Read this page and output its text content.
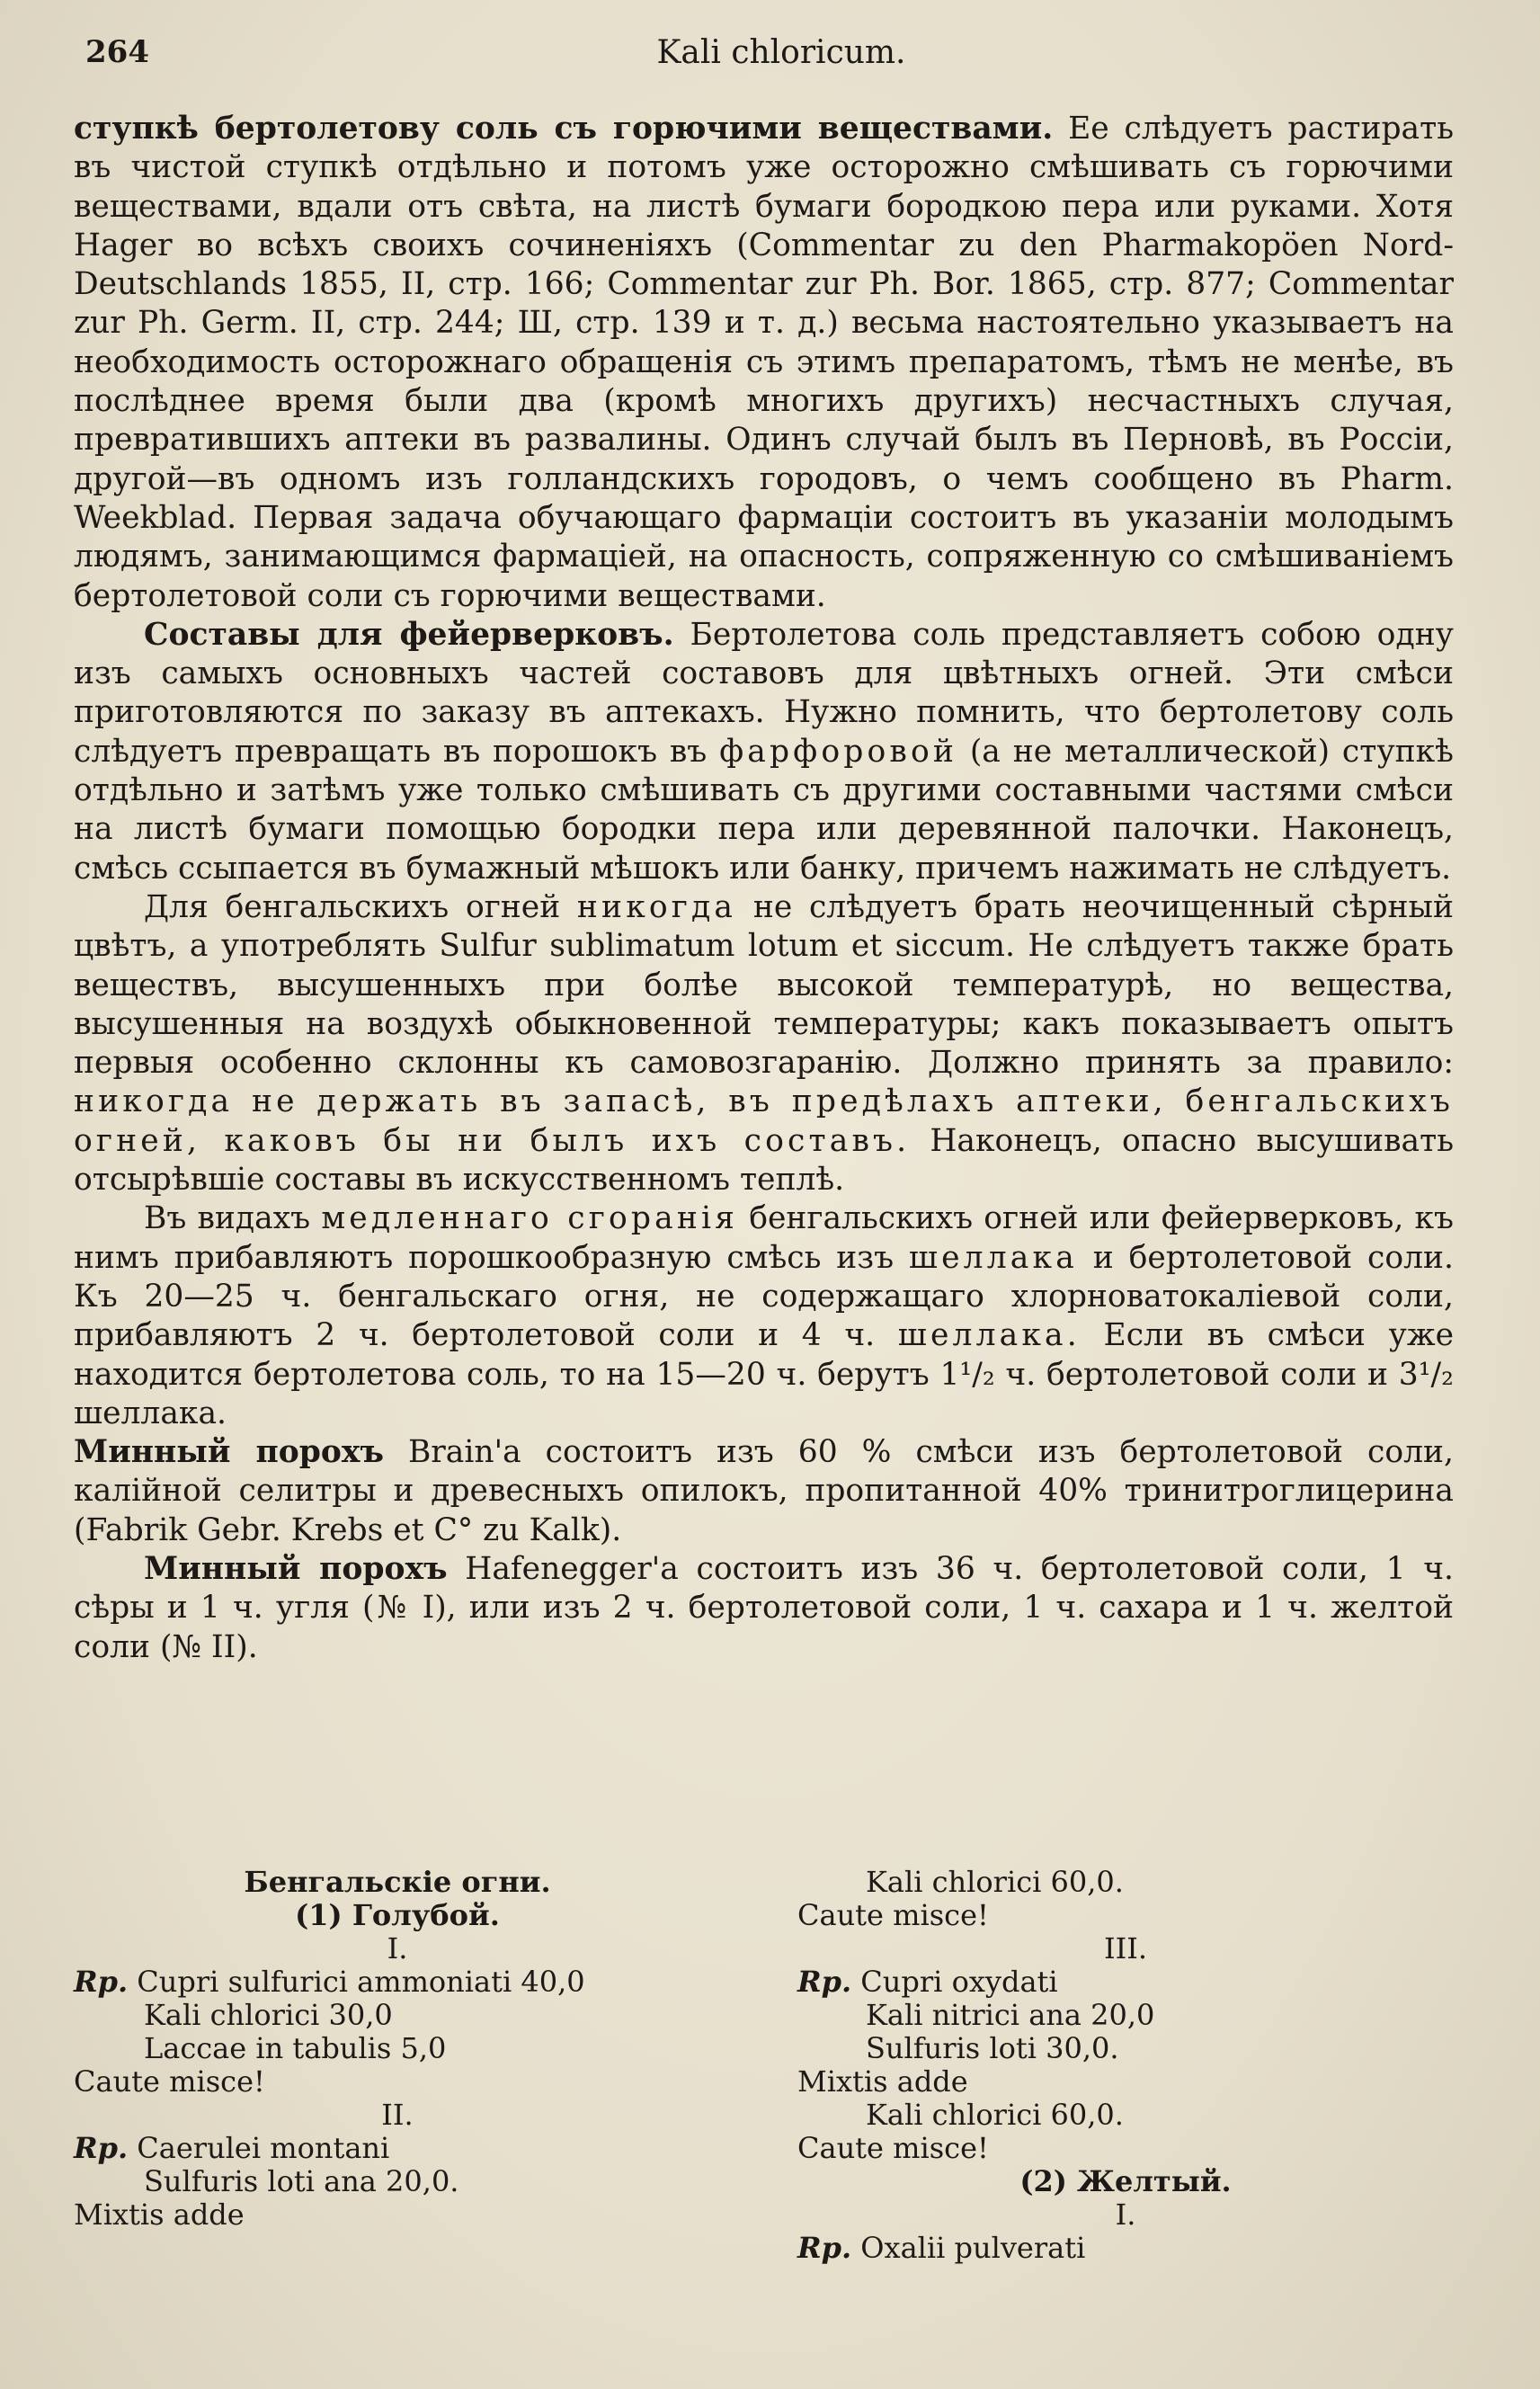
264	Kali chloricum.

ступкѣ бертолетову соль съ горючими веществами. Ее слѣдуетъ растирать въ чистой ступкѣ отдѣльно и потомъ уже осторожно смѣшивать съ горючими веществами, вдали отъ свѣта, на листѣ бумаги бородкою пера или руками. Хотя Hager во всѣхъ своихъ сочиненіяхъ (Commentar zu den Pharmakopöen Nord-Deutschlands 1855, II, стр. 166; Commentar zur Ph. Bor. 1865, стр. 877; Commentar zur Ph. Germ. II, стр. 244; Ш, стр. 139 и т. д.) весьма настоятельно указываетъ на необходимость осторожнаго обращенія съ этимъ препаратомъ, тѣмъ не менѣе, въ послѣднее время были два (кромѣ многихъ другихъ) несчастныхъ случая, превратившихъ аптеки въ развалины. Одинъ случай былъ въ Перновѣ, въ Россіи, другой—въ одномъ изъ голландскихъ городовъ, о чемъ сообщено въ Pharm. Weekblad. Первая задача обучающаго фармаціи состоитъ въ указаніи молодымъ людямъ, занимающимся фармаціей, на опасность, сопряженную со смѣшиваніемъ бертолетовой соли съ горючими веществами.

Составы для фейерверковъ. Бертолетова соль представляетъ собою одну изъ самыхъ основныхъ частей составовъ для цвѣтныхъ огней. Эти смѣси приготовляются по заказу въ аптекахъ. Нужно помнить, что бертолетову соль слѣдуетъ превращать въ порошокъ въ фарфоровой (а не металлической) ступкѣ отдѣльно и затѣмъ уже только смѣшивать съ другими составными частями смѣси на листѣ бумаги помощью бородки пера или деревянной палочки. Наконецъ, смѣсь ссыпается въ бумажный мѣшокъ или банку, причемъ нажимать не слѣдуетъ.

Для бенгальскихъ огней никогда не слѣдуетъ брать неочищенный сѣрный цвѣтъ, а употреблять Sulfur sublimatum lotum et siccum. Не слѣдуетъ также брать веществъ, высушенныхъ при болѣе высокой температурѣ, но вещества, высушенныя на воздухѣ обыкновенной температуры; какъ показываетъ опытъ первыя особенно склонны къ самовозгаранію. Должно принять за правило: никогда не держать въ запасѣ, въ предѣлахъ аптеки, бенгальскихъ огней, каковъ бы ни былъ ихъ составъ. Наконецъ, опасно высушивать отсырѣвшіе составы въ искусственномъ теплѣ.

Въ видахъ медленнаго сгоранія бенгальскихъ огней или фейерверковъ, къ нимъ прибавляютъ порошкообразную смѣсь изъ шеллака и бертолетовой соли. Къ 20—25 ч. бенгальскаго огня, не содержащаго хлорноватокаліевой соли, прибавляютъ 2 ч. бертолетовой соли и 4 ч. шеллака. Если въ смѣси уже находится бертолетова соль, то на 15—20 ч. берутъ 1¹/₂ ч. бертолетовой соли и 3¹/₂ шеллака.

Минный порохъ Brain'а состоитъ изъ 60 % смѣси изъ бертолетовой соли, калійной селитры и древесныхъ опилокъ, пропитанной 40% тринитроглицерина (Fabrik Gebr. Krebs et C° zu Kalk).

Минный порохъ Hafenegger'а состоитъ изъ 36 ч. бертолетовой соли, 1 ч. сѣры и 1 ч. угля (№ I), или изъ 2 ч. бертолетовой соли, 1 ч. сахара и 1 ч. желтой соли (№ II).

Бенгальскіе огни.
(1) Голубой.
I.
Rp. Cupri sulfurici ammoniati 40,0
Kali chlorici 30,0
Laccae in tabulis 5,0
Caute misce!
II.
Rp. Caerulei montani
Sulfuris loti ana 20,0.
Mixtis adde
Kali chlorici 60,0.
Caute misce!
III.
Rp. Cupri oxydati
Kali nitrici ana 20,0
Sulfuris loti 30,0.
Mixtis adde
Kali chlorici 60,0.
Caute misce!
(2) Желтый.
I.
Rp. Oxalii pulverati
